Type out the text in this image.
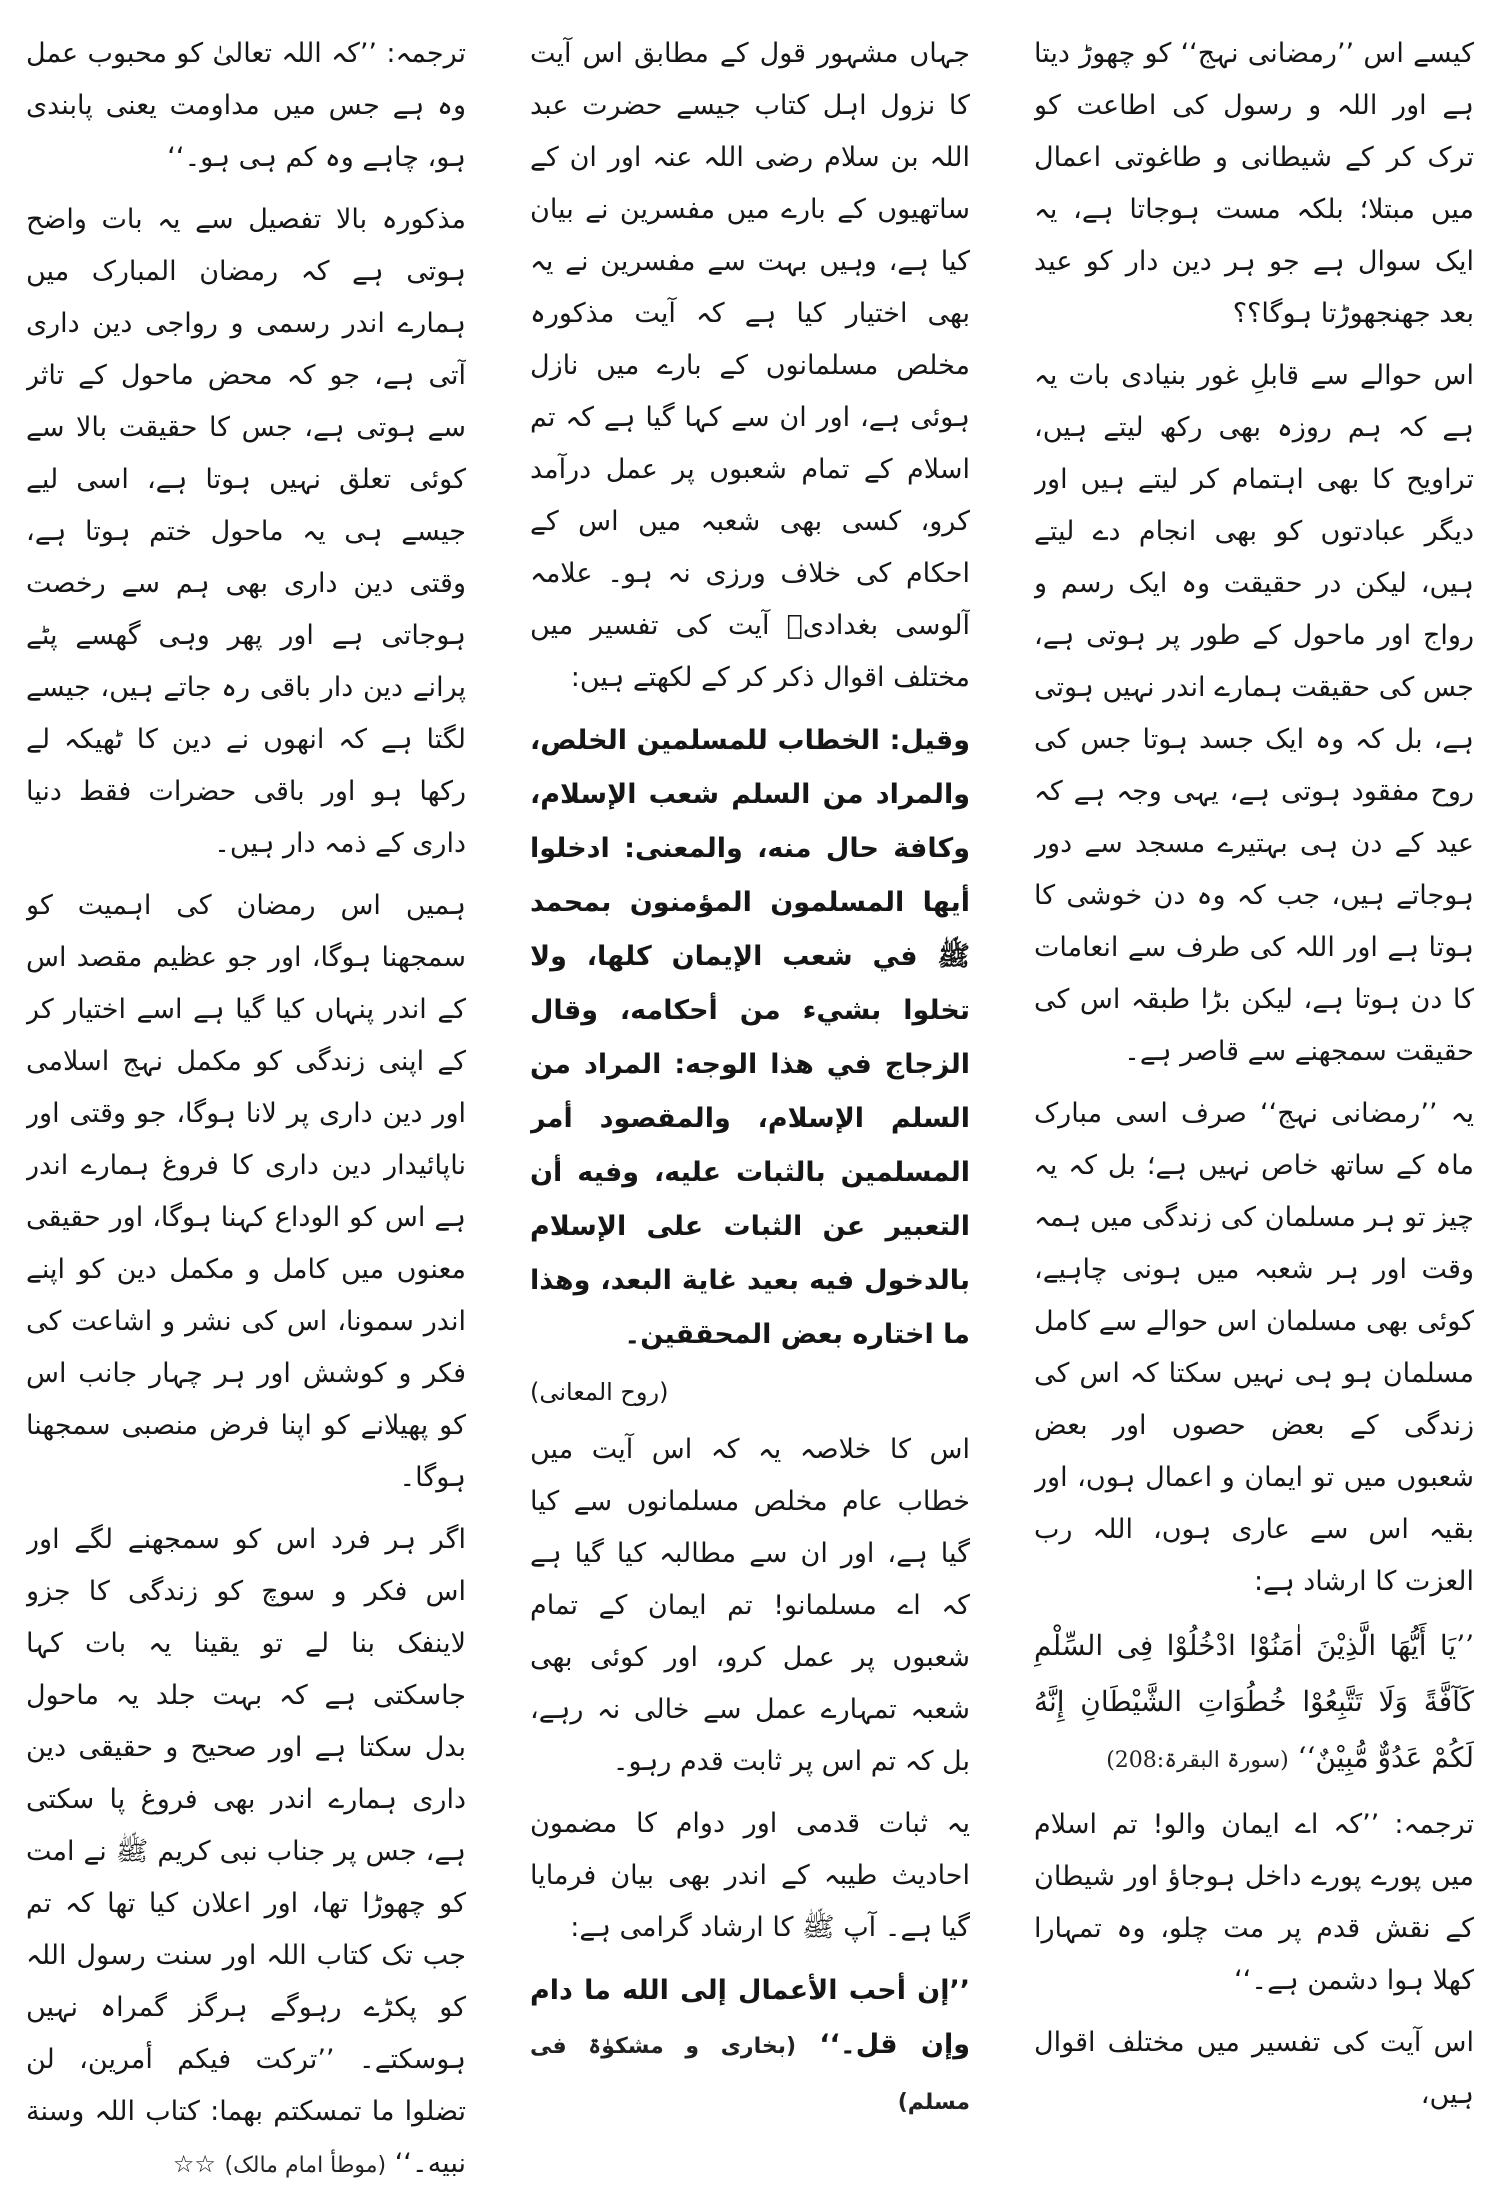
کیسے اس ’’رمضانی نہج‘‘ کو چھوڑ دیتا ہے اور اللہ و رسول کی اطاعت کو ترک کر کے شیطانی و طاغوتی اعمال میں مبتلا؛ بلکہ مست ہوجاتا ہے، یہ ایک سوال ہے جو ہر دین دار کو عید بعد جھنجھوڑتا ہوگا؟؟

اس حوالے سے قابلِ غور بنیادی بات یہ ہے کہ ہم روزہ بھی رکھ لیتے ہیں، تراویح کا بھی اہتمام کر لیتے ہیں اور دیگر عبادتوں کو بھی انجام دے لیتے ہیں، لیکن در حقیقت وہ ایک رسم و رواج اور ماحول کے طور پر ہوتی ہے، جس کی حقیقت ہمارے اندر نہیں ہوتی ہے، بل کہ وہ ایک جسد ہوتا جس کی روح مفقود ہوتی ہے، یہی وجہ ہے کہ عید کے دن ہی بہتیرے مسجد سے دور ہوجاتے ہیں، جب کہ وہ دن خوشی کا ہوتا ہے اور اللہ کی طرف سے انعامات کا دن ہوتا ہے، لیکن بڑا طبقہ اس کی حقیقت سمجھنے سے قاصر ہے۔

یہ ’’رمضانی نہج‘‘ صرف اسی مبارک ماہ کے ساتھ خاص نہیں ہے؛ بل کہ یہ چیز تو ہر مسلمان کی زندگی میں ہمہ وقت اور ہر شعبہ میں ہونی چاہیے، کوئی بھی مسلمان اس حوالے سے کامل مسلمان ہو ہی نہیں سکتا کہ اس کی زندگی کے بعض حصوں اور بعض شعبوں میں تو ایمان و اعمال ہوں، اور بقیہ اس سے عاری ہوں، اللہ رب العزت کا ارشاد ہے:

’’یَا أَیُّهَا الَّذِیْنَ اٰمَنُوْا ادْخُلُوْا فِی السِّلْمِ کَآفَّةً وَلَا تَتَّبِعُوْا خُطُوَاتِ الشَّیْطَانِ إِنَّهُ لَکُمْ عَدُوٌّ مُّبِیْنٌ‘‘ (سورۃ البقرۃ:208)

ترجمہ: ’’کہ اے ایمان والو! تم اسلام میں پورے پورے داخل ہوجاؤ اور شیطان کے نقش قدم پر مت چلو، وہ تمہارا کھلا ہوا دشمن ہے۔‘‘

اس آیت کی تفسیر میں مختلف اقوال ہیں،

جہاں مشہور قول کے مطابق اس آیت کا نزول اہل کتاب جیسے حضرت عبد اللہ بن سلام رضی اللہ عنہ اور ان کے ساتھیوں کے بارے میں مفسرین نے بیان کیا ہے، وہیں بہت سے مفسرین نے یہ بھی اختیار کیا ہے کہ آیت مذکورہ مخلص مسلمانوں کے بارے میں نازل ہوئی ہے، اور ان سے کہا گیا ہے کہ تم اسلام کے تمام شعبوں پر عمل درآمد کرو، کسی بھی شعبہ میں اس کے احکام کی خلاف ورزی نہ ہو۔ علامہ آلوسی بغدادیؒ آیت کی تفسیر میں مختلف اقوال ذکر کر کے لکھتے ہیں:

وقيل: الخطاب للمسلمين الخلص، والمراد من السلم شعب الإسلام، وكافة حال منه، والمعنى: ادخلوا أيها المسلمون المؤمنون بمحمد ﷺ في شعب الإيمان كلها، ولا تخلوا بشيء من أحكامه، وقال الزجاج في هذا الوجه: المراد من السلم الإسلام، والمقصود أمر المسلمين بالثبات عليه، وفيه أن التعبير عن الثبات على الإسلام بالدخول فيه بعيد غاية البعد، وهذا ما اختاره بعض المحققين۔

(روح المعانی)

اس کا خلاصہ یہ کہ اس آیت میں خطاب عام مخلص مسلمانوں سے کیا گیا ہے، اور ان سے مطالبہ کیا گیا ہے کہ اے مسلمانو! تم ایمان کے تمام شعبوں پر عمل کرو، اور کوئی بھی شعبہ تمہارے عمل سے خالی نہ رہے، بل کہ تم اس پر ثابت قدم رہو۔

یہ ثبات قدمی اور دوام کا مضمون احادیث طیبہ کے اندر بھی بیان فرمایا گیا ہے۔ آپ ﷺ کا ارشاد گرامی ہے:

’’إن أحب الأعمال إلى الله ما دام وإن قل۔‘‘ (بخاری و مشکوٰۃ فی مسلم)

ترجمہ: ’’کہ اللہ تعالیٰ کو محبوب عمل وہ ہے جس میں مداومت یعنی پابندی ہو، چاہے وہ کم ہی ہو۔‘‘

مذکورہ بالا تفصیل سے یہ بات واضح ہوتی ہے کہ رمضان المبارک میں ہمارے اندر رسمی و رواجی دین داری آتی ہے، جو کہ محض ماحول کے تاثر سے ہوتی ہے، جس کا حقیقت بالا سے کوئی تعلق نہیں ہوتا ہے، اسی لیے جیسے ہی یہ ماحول ختم ہوتا ہے، وقتی دین داری بھی ہم سے رخصت ہوجاتی ہے اور پھر وہی گھسے پٹے پرانے دین دار باقی رہ جاتے ہیں، جیسے لگتا ہے کہ انھوں نے دین کا ٹھیکہ لے رکھا ہو اور باقی حضرات فقط دنیا داری کے ذمہ دار ہیں۔

ہمیں اس رمضان کی اہمیت کو سمجھنا ہوگا، اور جو عظیم مقصد اس کے اندر پنہاں کیا گیا ہے اسے اختیار کر کے اپنی زندگی کو مکمل نہج اسلامی اور دین داری پر لانا ہوگا، جو وقتی اور ناپائیدار دین داری کا فروغ ہمارے اندر ہے اس کو الوداع کہنا ہوگا، اور حقیقی معنوں میں کامل و مکمل دین کو اپنے اندر سمونا، اس کی نشر و اشاعت کی فکر و کوشش اور ہر چہار جانب اس کو پھیلانے کو اپنا فرض منصبی سمجھنا ہوگا۔

اگر ہر فرد اس کو سمجھنے لگے اور اس فکر و سوچ کو زندگی کا جزو لاینفک بنا لے تو یقینا یہ بات کہا جاسکتی ہے کہ بہت جلد یہ ماحول بدل سکتا ہے اور صحیح و حقیقی دین داری ہمارے اندر بھی فروغ پا سکتی ہے، جس پر جناب نبی کریم ﷺ نے امت کو چھوڑا تھا، اور اعلان کیا تھا کہ تم جب تک کتاب اللہ اور سنت رسول اللہ کو پکڑے رہوگے ہرگز گمراہ نہیں ہوسکتے۔ ’’ترکت فیکم أمرین، لن تضلوا ما تمسکتم بهما: کتاب اللہ وسنة نبیه۔‘‘ (موطأ امام مالک) ☆☆
